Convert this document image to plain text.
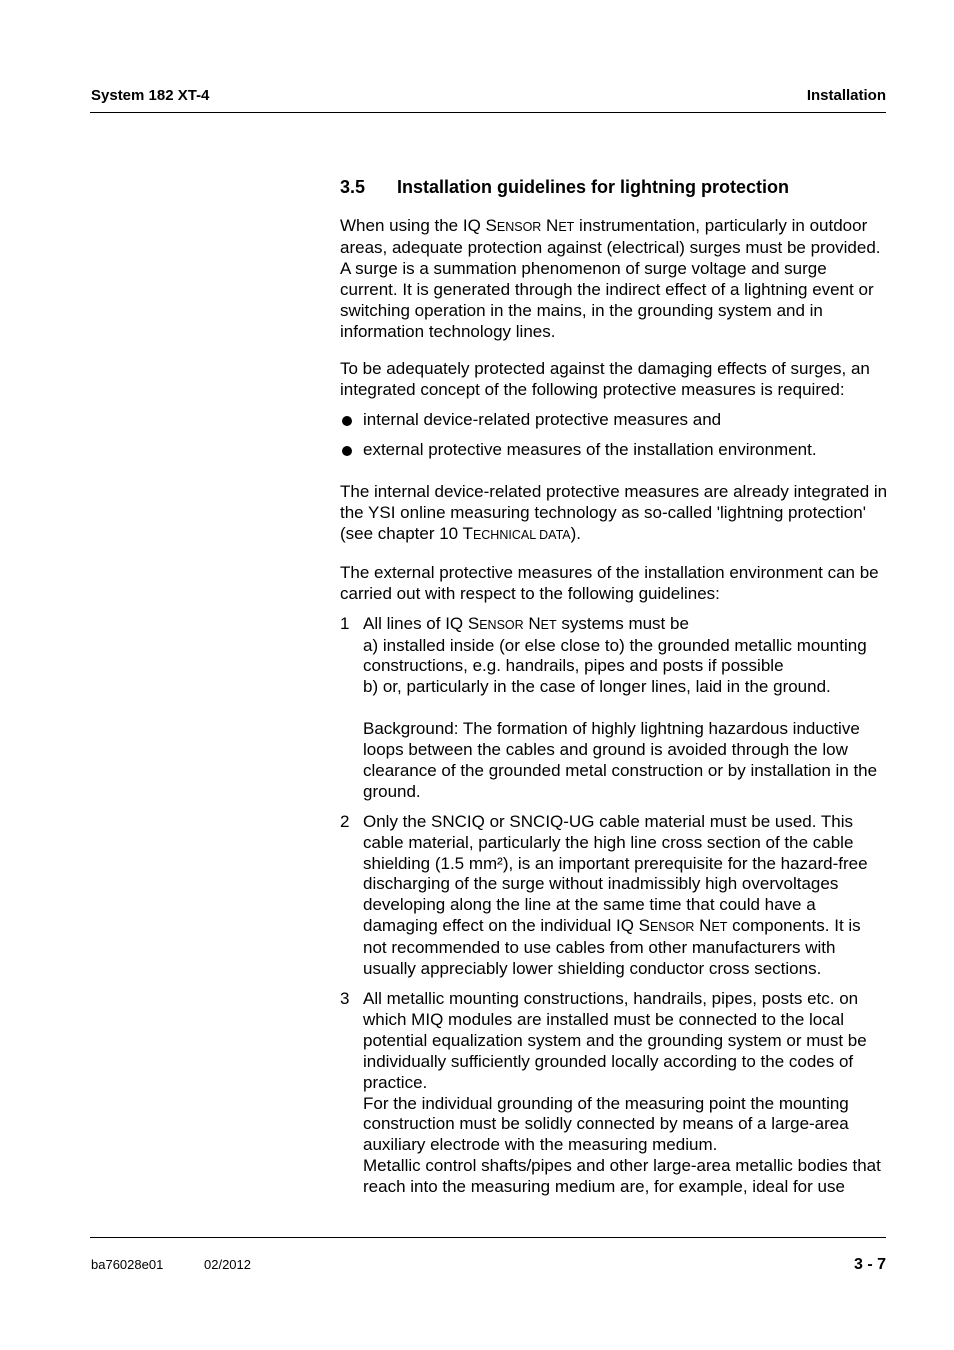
System 182 XT-4	Installation
3.5 Installation guidelines for lightning protection

When using the IQ SENSOR NET instrumentation, particularly in outdoor areas, adequate protection against (electrical) surges must be provided. A surge is a summation phenomenon of surge voltage and surge current. It is generated through the indirect effect of a lightning event or switching operation in the mains, in the grounding system and in information technology lines.

To be adequately protected against the damaging effects of surges, an integrated concept of the following protective measures is required:

internal device-related protective measures and
external protective measures of the installation environment.

The internal device-related protective measures are already integrated in the YSI online measuring technology as so-called 'lightning protection' (see chapter 10 TECHNICAL DATA).

The external protective measures of the installation environment can be carried out with respect to the following guidelines:

1 All lines of IQ SENSOR NET systems must be
a) installed inside (or else close to) the grounded metallic mounting constructions, e.g. handrails, pipes and posts if possible
b) or, particularly in the case of longer lines, laid in the ground.
Background: The formation of highly lightning hazardous inductive loops between the cables and ground is avoided through the low clearance of the grounded metal construction or by installation in the ground.
2 Only the SNCIQ or SNCIQ-UG cable material must be used. This cable material, particularly the high line cross section of the cable shielding (1.5 mm²), is an important prerequisite for the hazard-free discharging of the surge without inadmissibly high overvoltages developing along the line at the same time that could have a damaging effect on the individual IQ SENSOR NET components. It is not recommended to use cables from other manufacturers with usually appreciably lower shielding conductor cross sections.
3 All metallic mounting constructions, handrails, pipes, posts etc. on which MIQ modules are installed must be connected to the local potential equalization system and the grounding system or must be individually sufficiently grounded locally according to the codes of practice.
For the individual grounding of the measuring point the mounting construction must be solidly connected by means of a large-area auxiliary electrode with the measuring medium.
Metallic control shafts/pipes and other large-area metallic bodies that reach into the measuring medium are, for example, ideal for use
ba76028e01	02/2012	3 - 7
